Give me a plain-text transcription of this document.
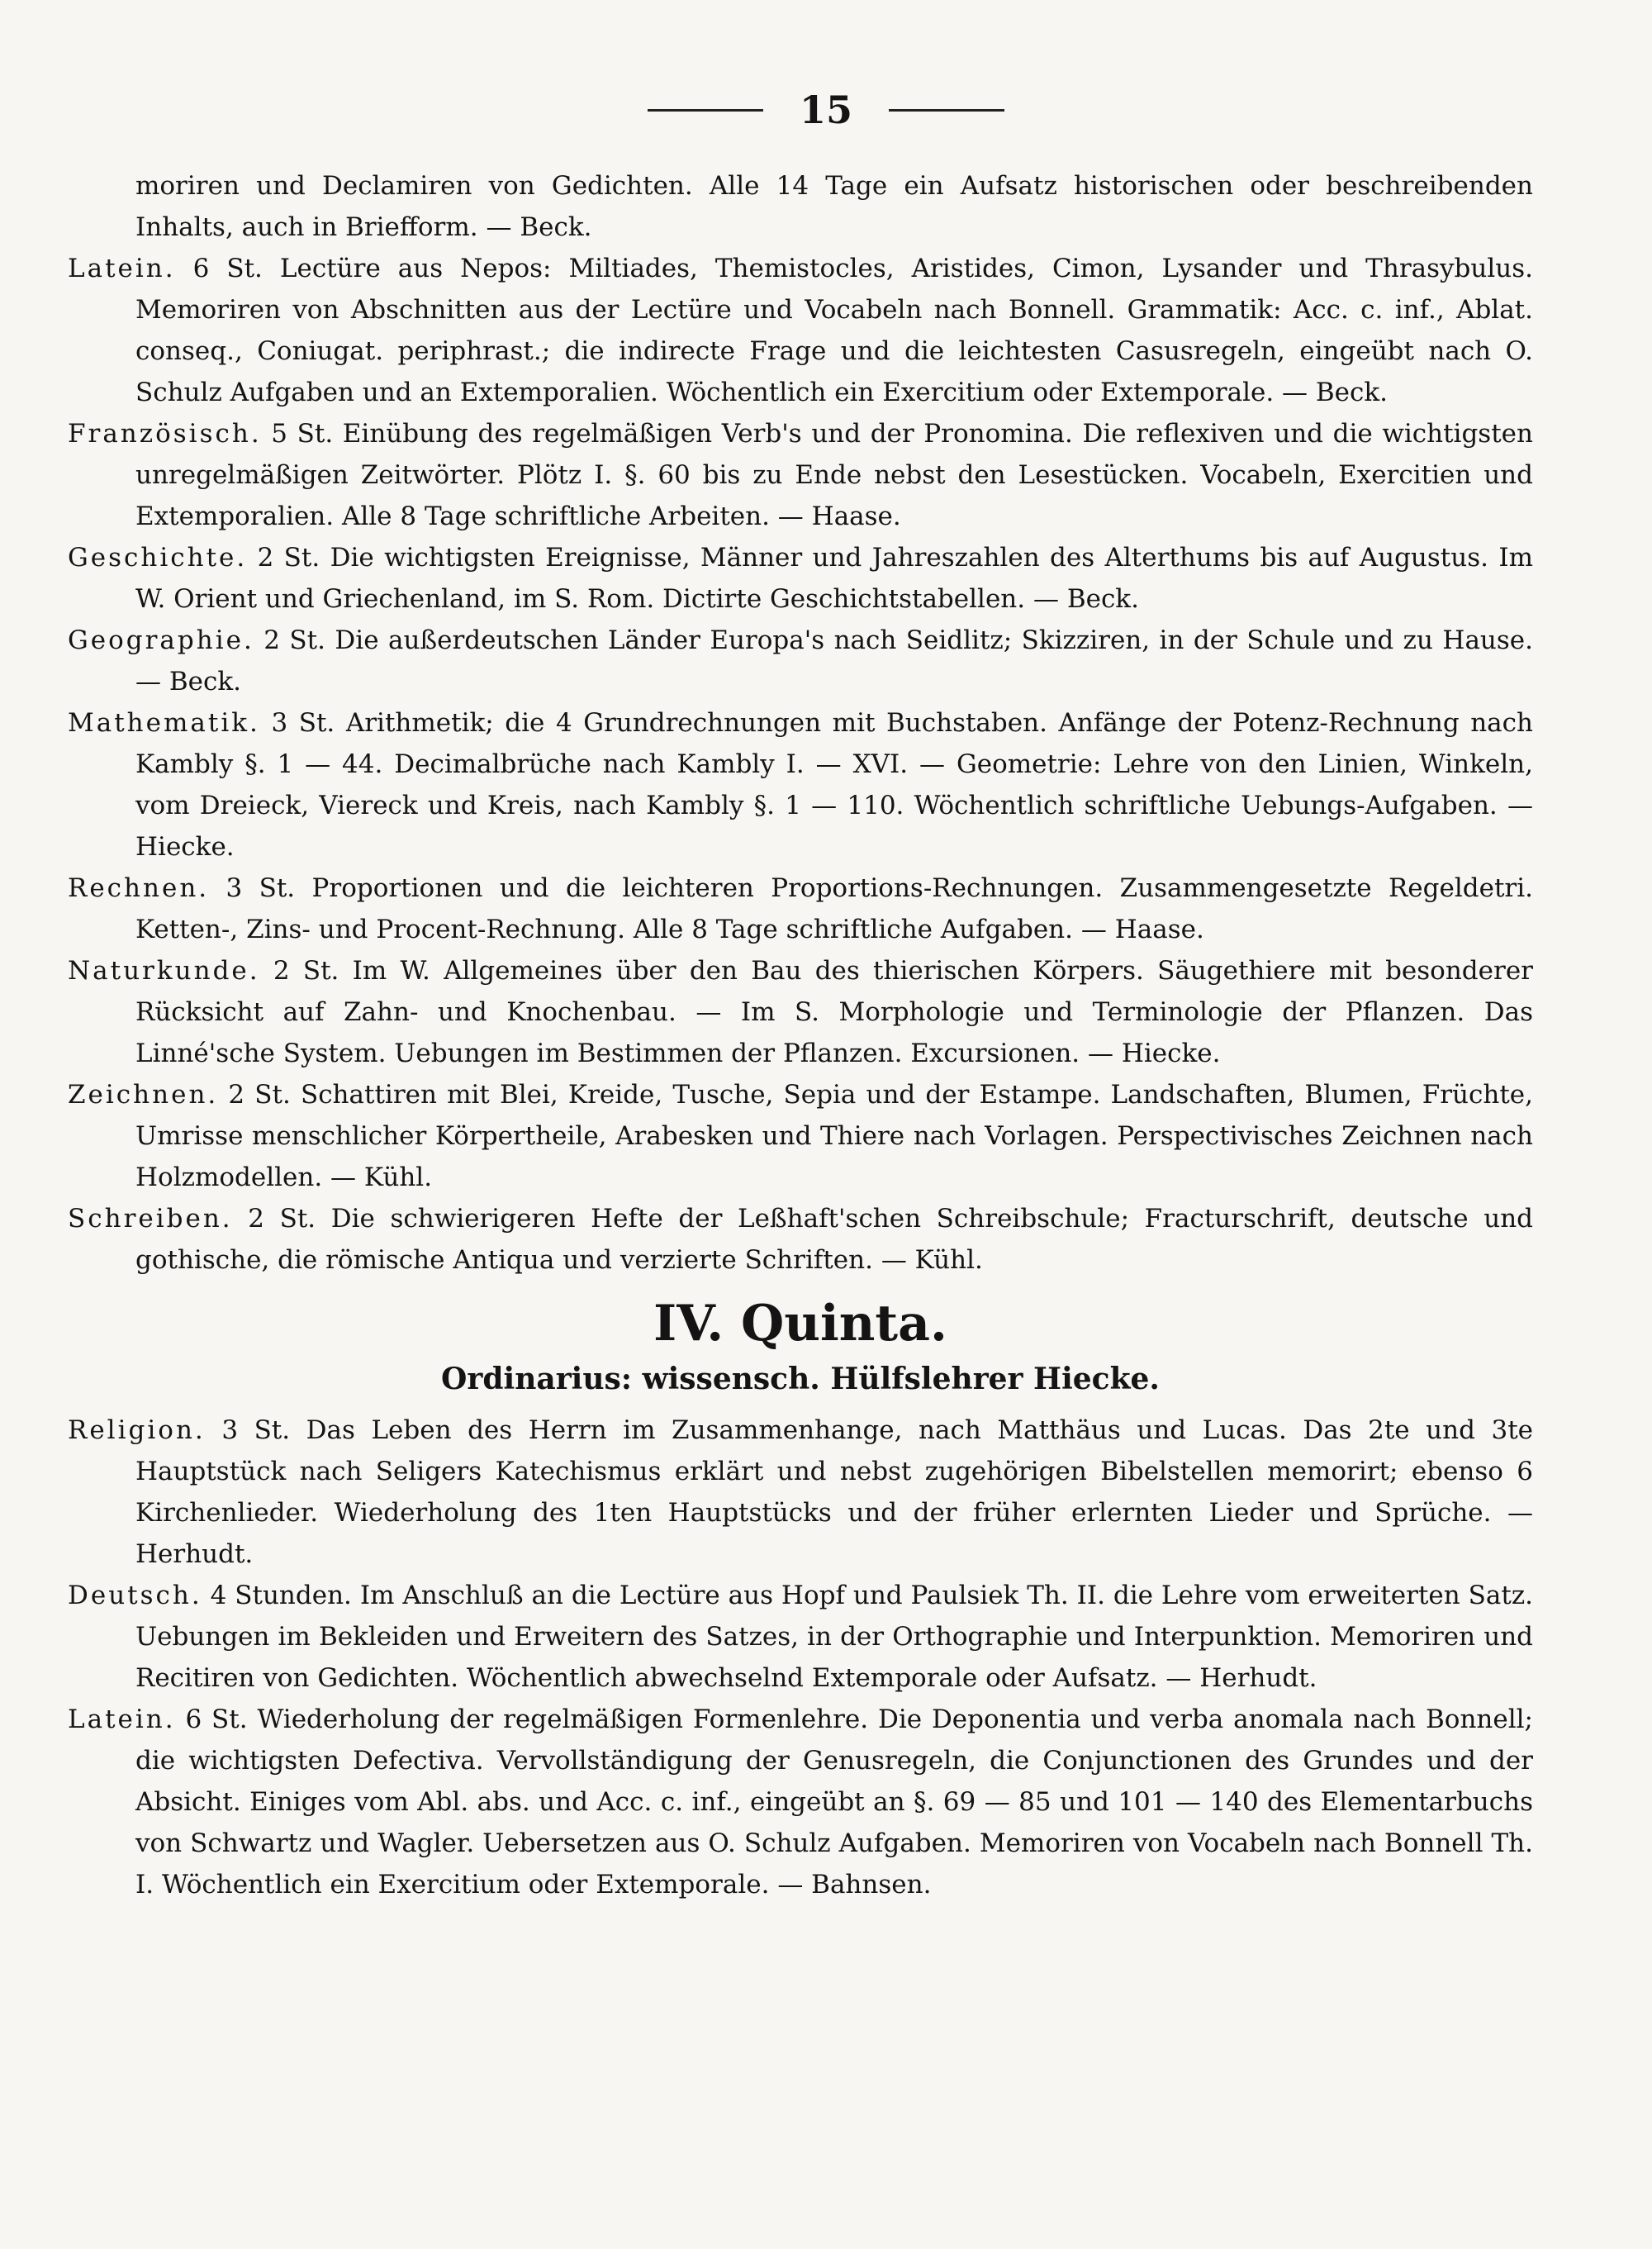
15

moriren und Declamiren von Gedichten. Alle 14 Tage ein Aufsatz historischen oder beschreibenden Inhalts, auch in Briefform. — Beck.

Latein. 6 St. Lectüre aus Nepos: Miltiades, Themistocles, Aristides, Cimon, Lysander und Thrasybulus. Memoriren von Abschnitten aus der Lectüre und Vocabeln nach Bonnell. Grammatik: Acc. c. inf., Ablat. conseq., Coniugat. periphrast.; die indirecte Frage und die leichtesten Casusregeln, eingeübt nach O. Schulz Aufgaben und an Extemporalien. Wöchentlich ein Exercitium oder Extemporale. — Beck.

Französisch. 5 St. Einübung des regelmäßigen Verb's und der Pronomina. Die reflexiven und die wichtigsten unregelmäßigen Zeitwörter. Plötz I. §. 60 bis zu Ende nebst den Lesestücken. Vocabeln, Exercitien und Extemporalien. Alle 8 Tage schriftliche Arbeiten. — Haase.

Geschichte. 2 St. Die wichtigsten Ereignisse, Männer und Jahreszahlen des Alterthums bis auf Augustus. Im W. Orient und Griechenland, im S. Rom. Dictirte Geschichtstabellen. — Beck.

Geographie. 2 St. Die außerdeutschen Länder Europa's nach Seidlitz; Skizziren, in der Schule und zu Hause. — Beck.

Mathematik. 3 St. Arithmetik; die 4 Grundrechnungen mit Buchstaben. Anfänge der Potenz-Rechnung nach Kambly §. 1 — 44. Decimalbrüche nach Kambly I. — XVI. — Geometrie: Lehre von den Linien, Winkeln, vom Dreieck, Viereck und Kreis, nach Kambly §. 1 — 110. Wöchentlich schriftliche Uebungs-Aufgaben. — Hiecke.

Rechnen. 3 St. Proportionen und die leichteren Proportions-Rechnungen. Zusammengesetzte Regeldetri. Ketten-, Zins- und Procent-Rechnung. Alle 8 Tage schriftliche Aufgaben. — Haase.

Naturkunde. 2 St. Im W. Allgemeines über den Bau des thierischen Körpers. Säugethiere mit besonderer Rücksicht auf Zahn- und Knochenbau. — Im S. Morphologie und Terminologie der Pflanzen. Das Linné'sche System. Uebungen im Bestimmen der Pflanzen. Excursionen. — Hiecke.

Zeichnen. 2 St. Schattiren mit Blei, Kreide, Tusche, Sepia und der Estampe. Landschaften, Blumen, Früchte, Umrisse menschlicher Körpertheile, Arabesken und Thiere nach Vorlagen. Perspectivisches Zeichnen nach Holzmodellen. — Kühl.

Schreiben. 2 St. Die schwierigeren Hefte der Leßhaft'schen Schreibschule; Fracturschrift, deutsche und gothische, die römische Antiqua und verzierte Schriften. — Kühl.

IV. Quinta.
Ordinarius: wissensch. Hülfslehrer Hiecke.

Religion. 3 St. Das Leben des Herrn im Zusammenhange, nach Matthäus und Lucas. Das 2te und 3te Hauptstück nach Seligers Katechismus erklärt und nebst zugehörigen Bibelstellen memorirt; ebenso 6 Kirchenlieder. Wiederholung des 1ten Hauptstücks und der früher erlernten Lieder und Sprüche. — Herhudt.

Deutsch. 4 Stunden. Im Anschluß an die Lectüre aus Hopf und Paulsiek Th. II. die Lehre vom erweiterten Satz. Uebungen im Bekleiden und Erweitern des Satzes, in der Orthographie und Interpunktion. Memoriren und Recitiren von Gedichten. Wöchentlich abwechselnd Extemporale oder Aufsatz. — Herhudt.

Latein. 6 St. Wiederholung der regelmäßigen Formenlehre. Die Deponentia und verba anomala nach Bonnell; die wichtigsten Defectiva. Vervollständigung der Genusregeln, die Conjunctionen des Grundes und der Absicht. Einiges vom Abl. abs. und Acc. c. inf., eingeübt an §. 69 — 85 und 101 — 140 des Elementarbuchs von Schwartz und Wagler. Uebersetzen aus O. Schulz Aufgaben. Memoriren von Vocabeln nach Bonnell Th. I. Wöchentlich ein Exercitium oder Extemporale. — Bahnsen.
